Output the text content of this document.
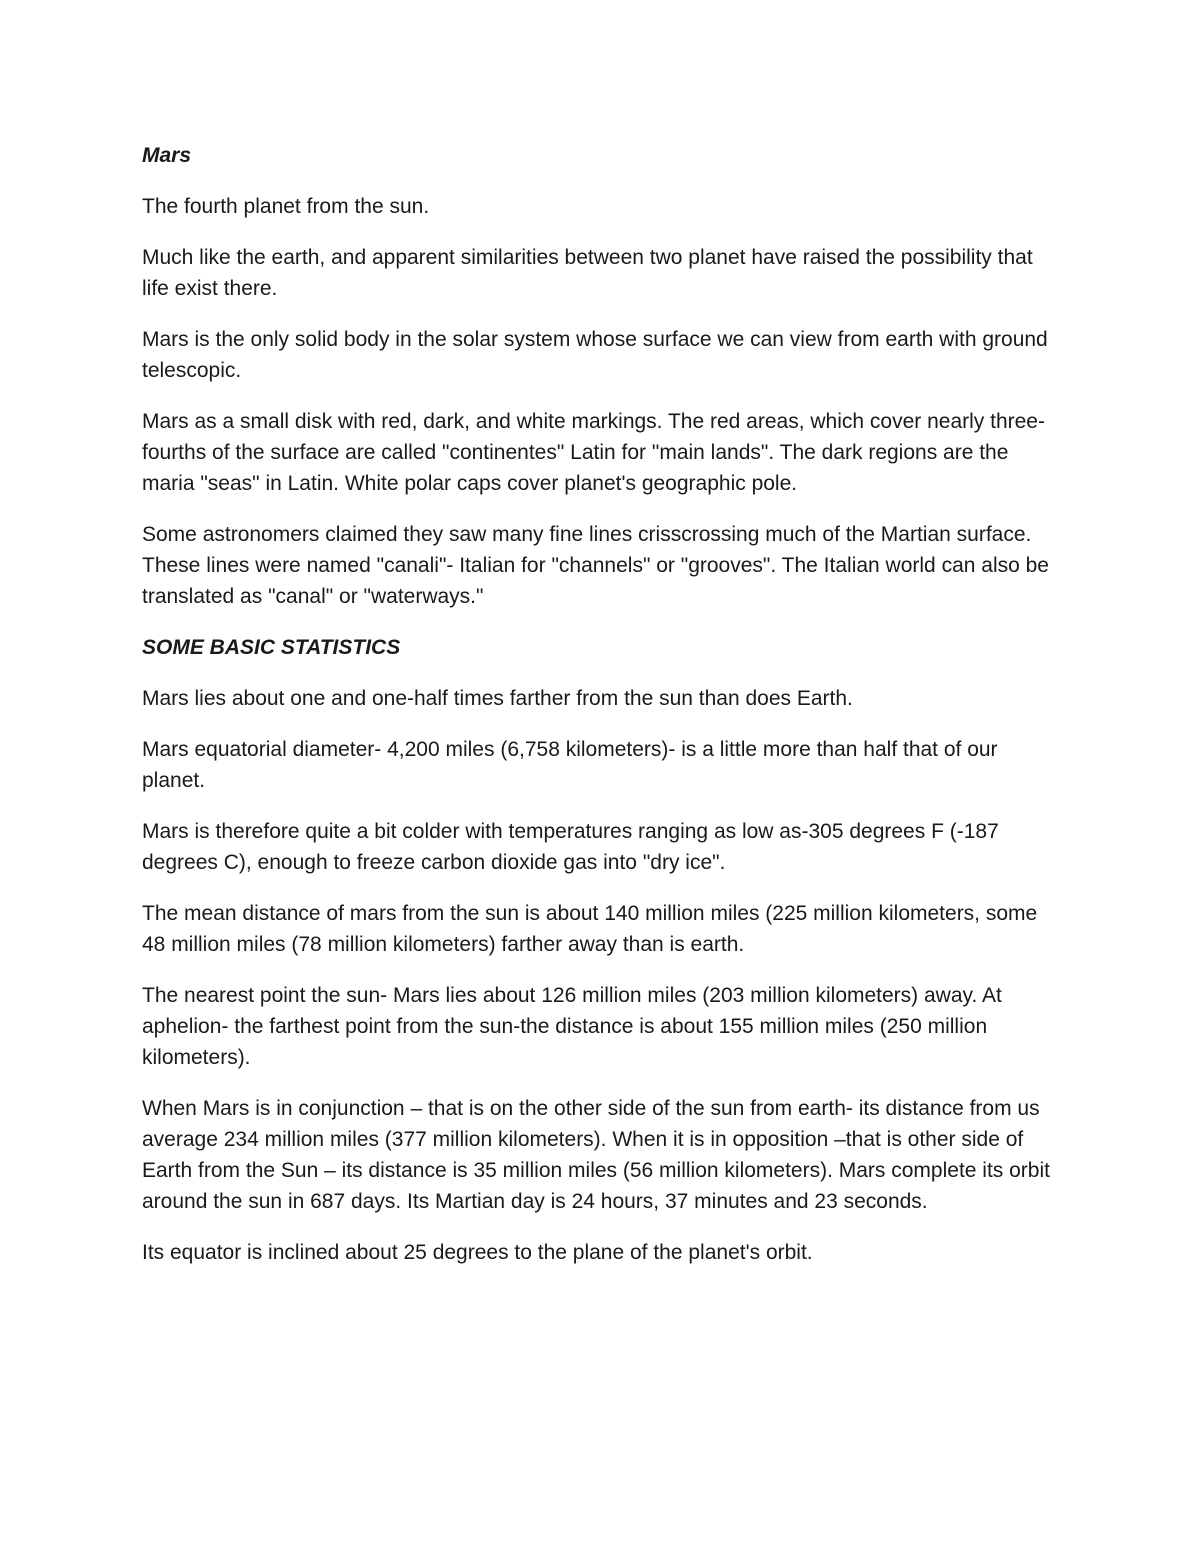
Mars

The fourth planet from the sun.

Much like the earth, and apparent similarities between two planet have raised the possibility that life exist there.

Mars is the only solid body in the solar system whose surface we can view from earth with ground telescopic.

Mars as a small disk with red, dark, and white markings. The red areas, which cover nearly three-fourths of the surface are called "continentes" Latin for "main lands". The dark regions are the maria "seas" in Latin. White polar caps cover planet's geographic pole.

Some astronomers claimed they saw many fine lines crisscrossing much of the Martian surface. These lines were named "canali"- Italian for "channels" or "grooves". The Italian world can also be translated as "canal" or "waterways."

SOME BASIC STATISTICS

Mars lies about one and one-half times farther from the sun than does Earth.

Mars equatorial diameter- 4,200 miles (6,758 kilometers)- is a little more than half that of our planet.

Mars is therefore quite a bit colder with temperatures ranging as low as-305 degrees F (-187 degrees C), enough to freeze carbon dioxide gas into "dry ice".

The mean distance of mars from the sun is about 140 million miles (225 million kilometers, some 48 million miles (78 million kilometers) farther away than is earth.

The nearest point the sun- Mars lies about 126 million miles (203 million kilometers) away. At aphelion- the farthest point from the sun-the distance is about 155 million miles (250 million kilometers).

When Mars is in conjunction – that is on the other side of the sun from earth- its distance from us average 234 million miles (377 million kilometers). When it is in opposition –that is other side of Earth from the Sun – its distance is 35 million miles (56 million kilometers). Mars complete its orbit around the sun in 687 days. Its Martian day is 24 hours, 37 minutes and 23 seconds.

Its equator is inclined about 25 degrees to the plane of the planet's orbit.
